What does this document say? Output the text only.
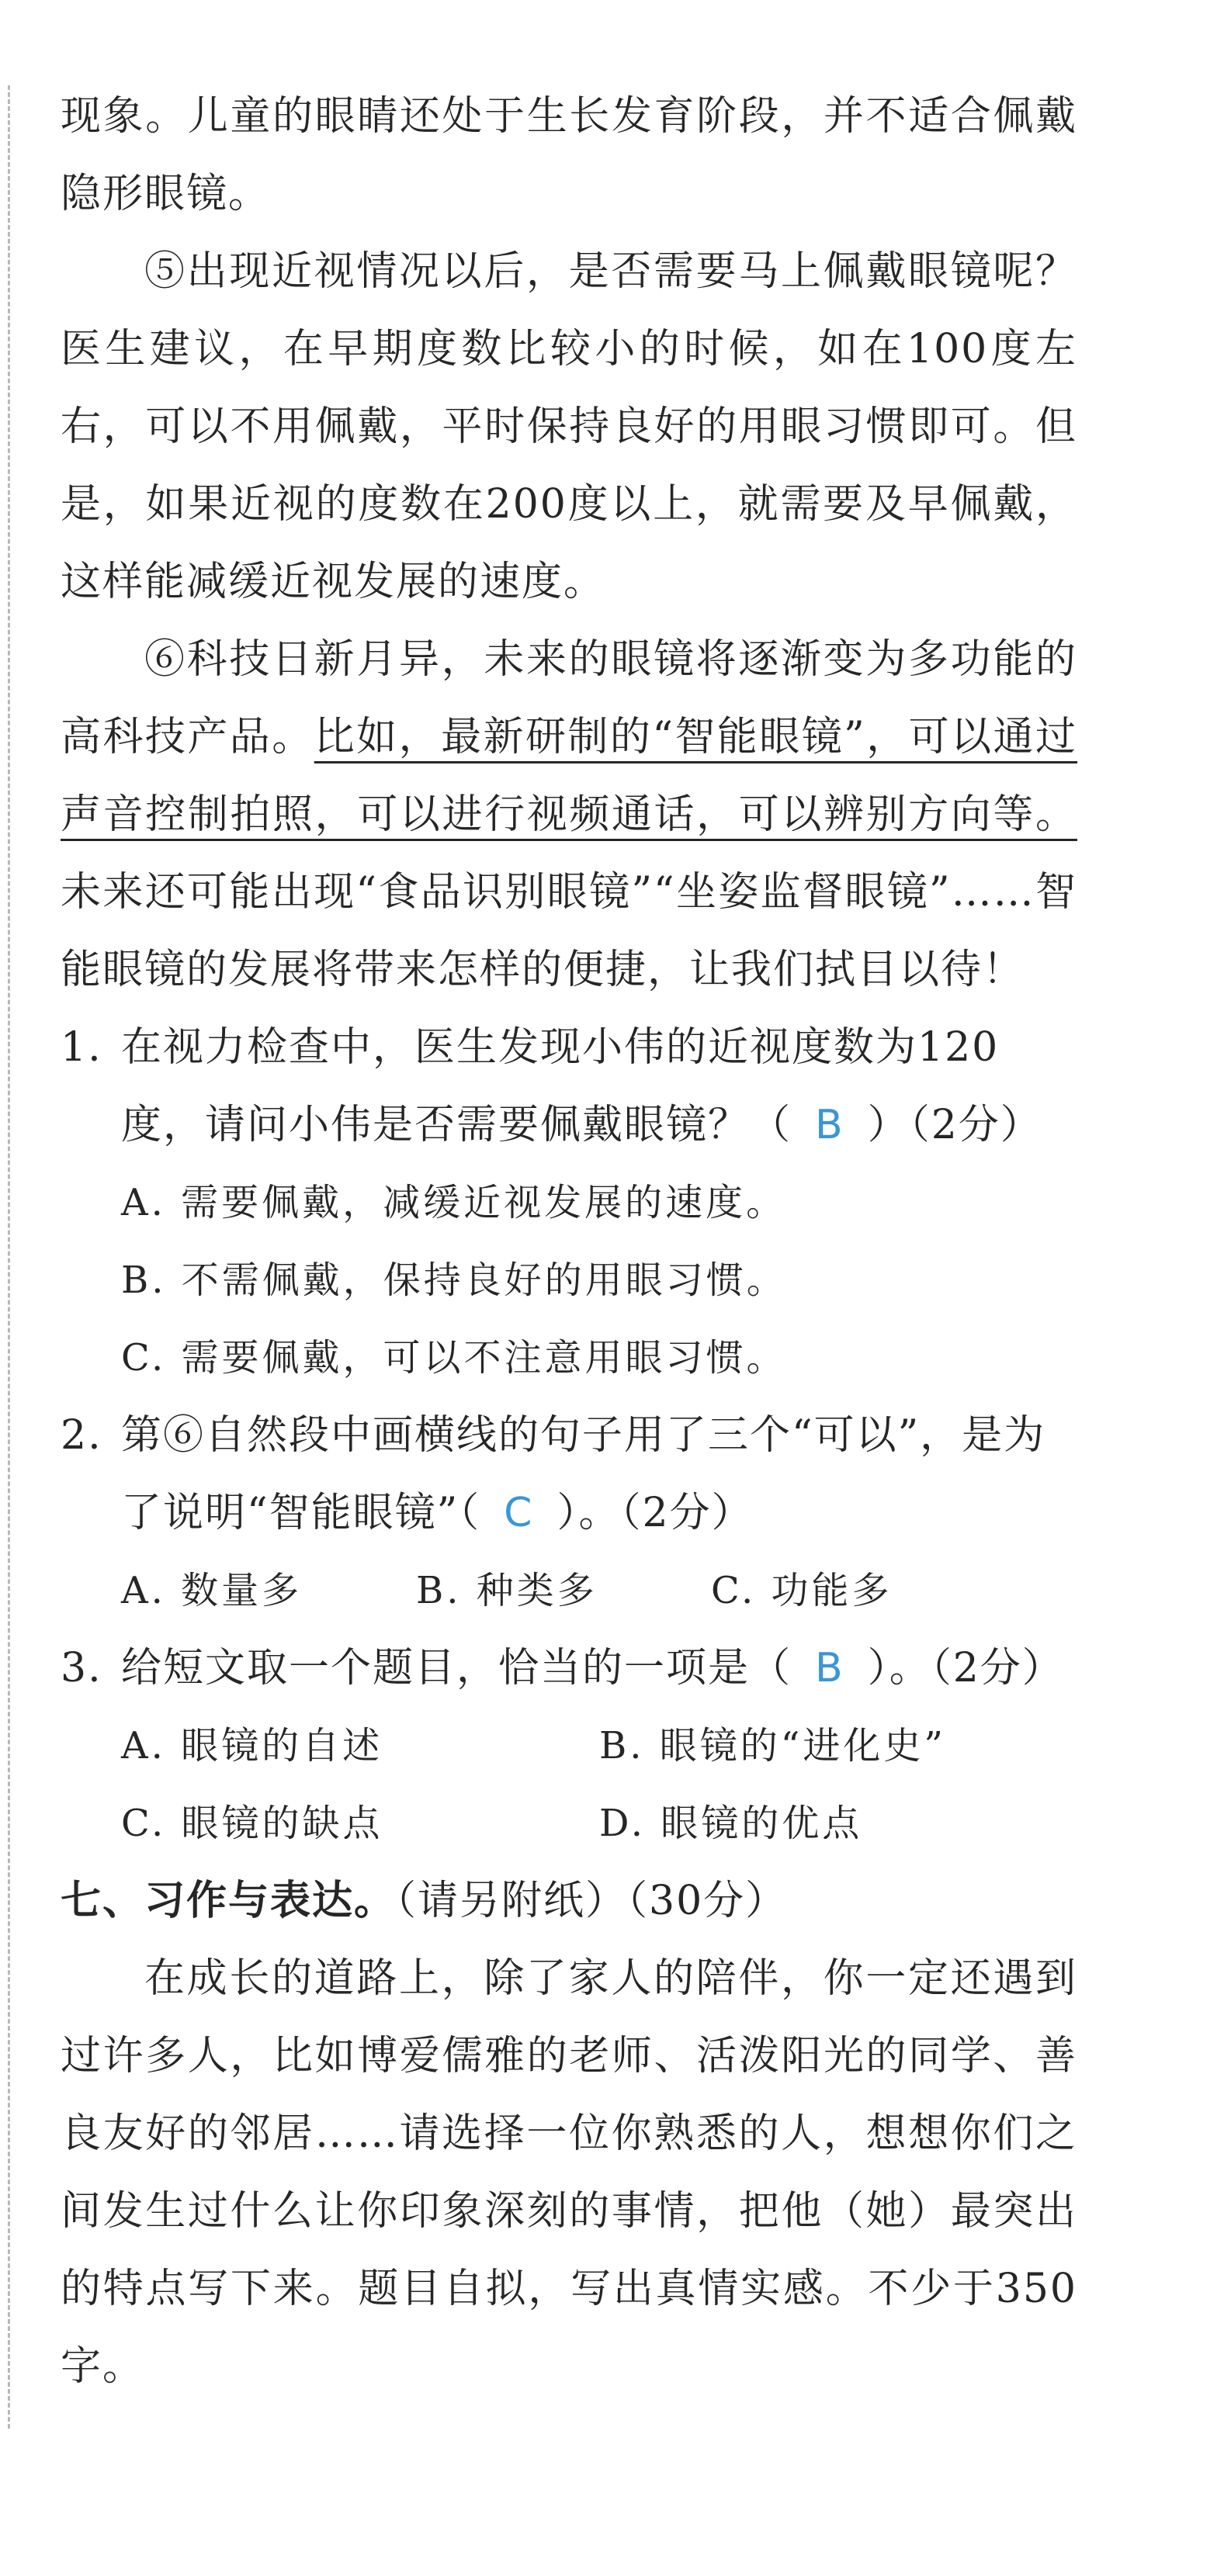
现象。儿童的眼睛还处于生长发育阶段，并不适合佩戴隐形眼镜。

⑤出现近视情况以后，是否需要马上佩戴眼镜呢？医生建议，在早期度数比较小的时候，如在100度左右，可以不用佩戴，平时保持良好的用眼习惯即可。但是，如果近视的度数在200度以上，就需要及早佩戴，这样能减缓近视发展的速度。

⑥科技日新月异，未来的眼镜将逐渐变为多功能的高科技产品。比如，最新研制的“智能眼镜”，可以通过声音控制拍照，可以进行视频通话，可以辨别方向等。未来还可能出现“食品识别眼镜”“坐姿监督眼镜”……智能眼镜的发展将带来怎样的便捷，让我们拭目以待！

1. 在视力检查中，医生发现小伟的近视度数为120度，请问小伟是否需要佩戴眼镜？（ B ）（2分）
A. 需要佩戴，减缓近视发展的速度。
B. 不需佩戴，保持良好的用眼习惯。
C. 需要佩戴，可以不注意用眼习惯。
2. 第⑥自然段中画横线的句子用了三个“可以”，是为了说明“智能眼镜”（ C ）。（2分）
A. 数量多	B. 种类多	C. 功能多
3. 给短文取一个题目，恰当的一项是（ B ）。（2分）
A. 眼镜的自述	B. 眼镜的“进化史”
C. 眼镜的缺点	D. 眼镜的优点
七、习作与表达。（请另附纸）（30分）

在成长的道路上，除了家人的陪伴，你一定还遇到过许多人，比如博爱儒雅的老师、活泼阳光的同学、善良友好的邻居……请选择一位你熟悉的人，想想你们之间发生过什么让你印象深刻的事情，把他（她）最突出的特点写下来。题目自拟，写出真情实感。不少于350字。
